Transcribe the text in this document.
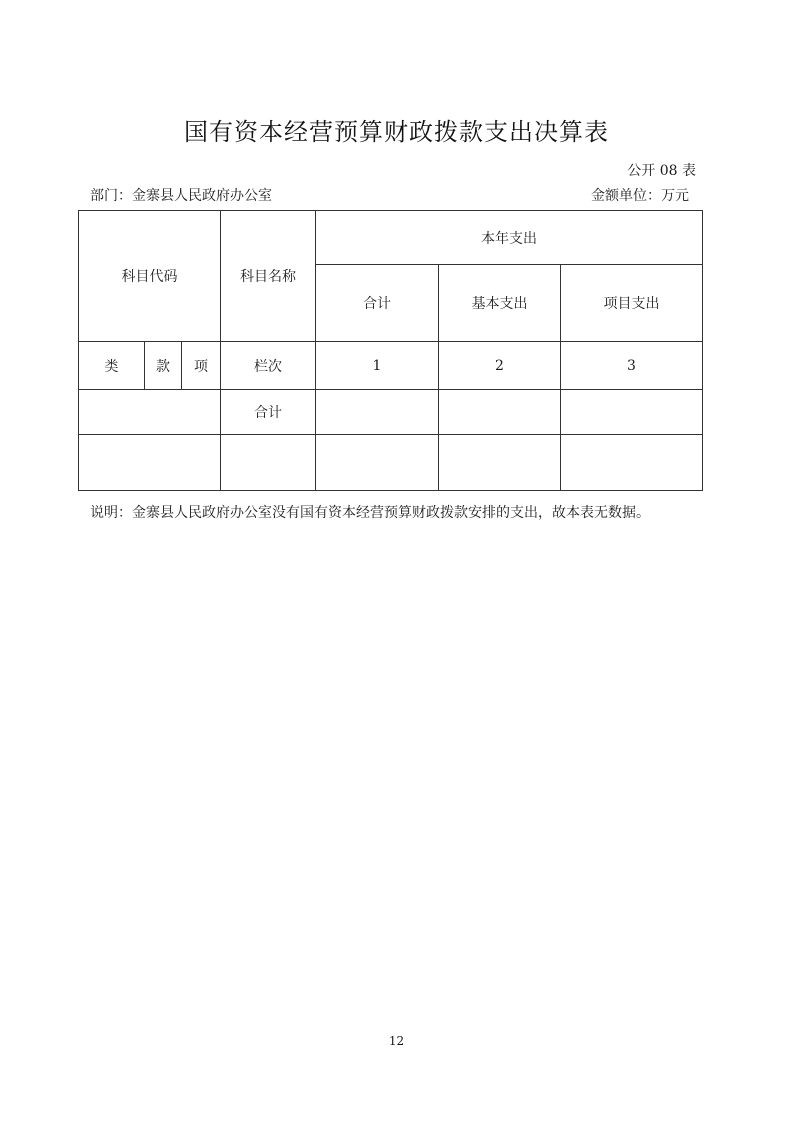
国有资本经营预算财政拨款支出决算表
公开 08 表
部门：金寨县人民政府办公室	金额单位：万元
科目代码			科目名称	本年支出		
				合计	基本支出	项目支出
类	款	项	栏次	1	2	3
			合计			

说明：金寨县人民政府办公室没有国有资本经营预算财政拨款安排的支出，故本表无数据。
12
